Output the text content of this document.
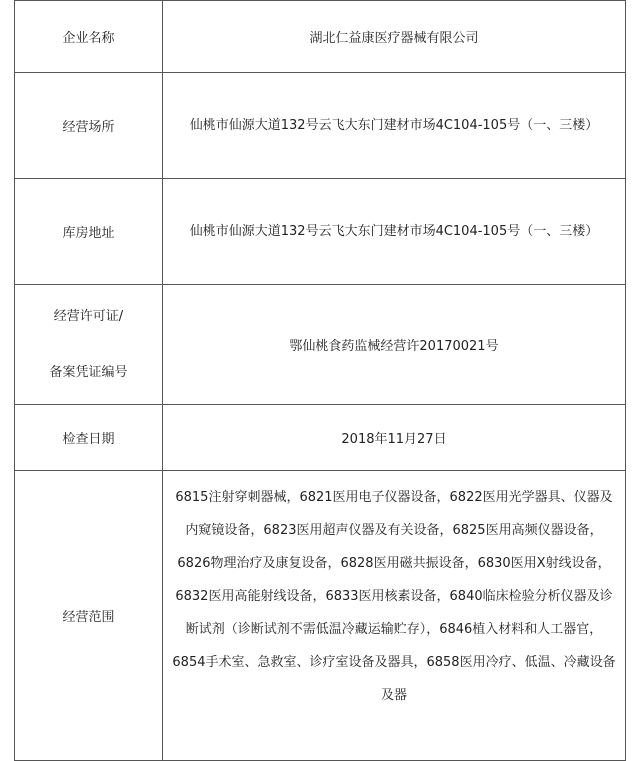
企业名称	湖北仁益康医疗器械有限公司
经营场所	仙桃市仙源大道132号云飞大东门建材市场4C104-105号（一、三楼）

库房地址	仙桃市仙源大道132号云飞大东门建材市场4C104-105号（一、三楼）

经营许可证/
备案凭证编号	鄂仙桃食药监械经营许20170021号
检查日期	2018年11月27日
经营范围	6815注射穿刺器械，6821医用电子仪器设备，6822医用光学器具、仪器及内窥镜设备，6823医用超声仪器及有关设备，6825医用高频仪器设备，6826物理治疗及康复设备，6828医用磁共振设备，6830医用X射线设备，6832医用高能射线设备，6833医用核素设备，6840临床检验分析仪器及诊断试剂（诊断试剂不需低温冷藏运输贮存），6846植入材料和人工器官，6854手术室、急救室、诊疗室设备及器具，6858医用冷疗、低温、冷藏设备及器
